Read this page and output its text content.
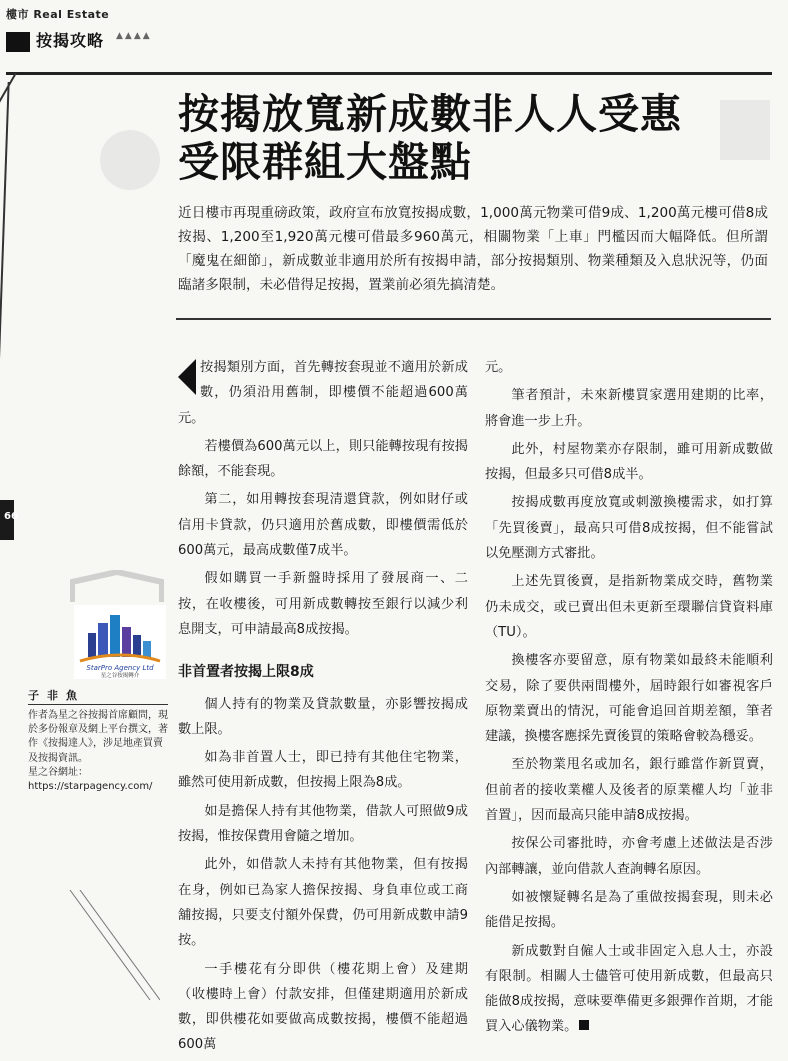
樓市 Real Estate
按揭攻略 ▲▲▲▲
66
按揭放寬新成數非人人受惠
受限群組大盤點
近日樓市再現重磅政策，政府宣布放寬按揭成數，1,000萬元物業可借9成、1,200萬元樓可借8成按揭、1,200至1,920萬元樓可借最多960萬元，相關物業「上車」門檻因而大幅降低。但所謂「魔鬼在細節」，新成數並非適用於所有按揭申請，部分按揭類別、物業種類及入息狀況等，仍面臨諸多限制，未必借得足按揭，置業前必須先搞清楚。

按揭類別方面，首先轉按套現並不適用於新成數，仍須沿用舊制，即樓價不能超過600萬元。

若樓價為600萬元以上，則只能轉按現有按揭餘額，不能套現。

第二，如用轉按套現清還貸款，例如財仔或信用卡貸款，仍只適用於舊成數，即樓價需低於600萬元，最高成數僅7成半。

假如購買一手新盤時採用了發展商一、二按，在收樓後，可用新成數轉按至銀行以減少利息開支，可申請最高8成按揭。

非首置者按揭上限8成

個人持有的物業及貸款數量，亦影響按揭成數上限。

如為非首置人士，即已持有其他住宅物業，雖然可使用新成數，但按揭上限為8成。

如是擔保人持有其他物業，借款人可照做9成按揭，惟按保費用會隨之增加。

此外，如借款人未持有其他物業，但有按揭在身，例如已為家人擔保按揭、身負車位或工商舖按揭，只要支付額外保費，仍可用新成數申請9按。

一手樓花有分即供（樓花期上會）及建期（收樓時上會）付款安排，但僅建期適用於新成數，即供樓花如要做高成數按揭，樓價不能超過600萬

元。

筆者預計，未來新樓買家選用建期的比率，將會進一步上升。

此外，村屋物業亦存限制，雖可用新成數做按揭，但最多只可借8成半。

按揭成數再度放寬或刺激換樓需求，如打算「先買後賣」，最高只可借8成按揭，但不能嘗試以免壓測方式審批。

上述先買後賣，是指新物業成交時，舊物業仍未成交，或已賣出但未更新至環聯信貸資料庫（TU）。

換樓客亦要留意，原有物業如最終未能順利交易，除了要供兩間樓外，屆時銀行如審視客戶原物業賣出的情況，可能會追回首期差額，筆者建議，換樓客應採先賣後買的策略會較為穩妥。

至於物業甩名或加名，銀行雖當作新買賣，但前者的接收業權人及後者的原業權人均「並非首置」，因而最高只能申請8成按揭。

按保公司審批時，亦會考慮上述做法是否涉內部轉讓，並向借款人查詢轉名原因。

如被懷疑轉名是為了重做按揭套現，則未必能借足按揭。

新成數對自僱人士或非固定入息人士，亦設有限制。相關人士儘管可使用新成數，但最高只能做8成按揭，意味要準備更多銀彈作首期，才能買入心儀物業。

StarPro Agency Ltd
星之谷按揭轉介
子非魚

作者為星之谷按揭首席顧問，現於多份報章及網上平台撰文，著作《按揭達人》，涉足地產買賣及按揭資訊。

星之谷網址：

https://starpagency.com/
